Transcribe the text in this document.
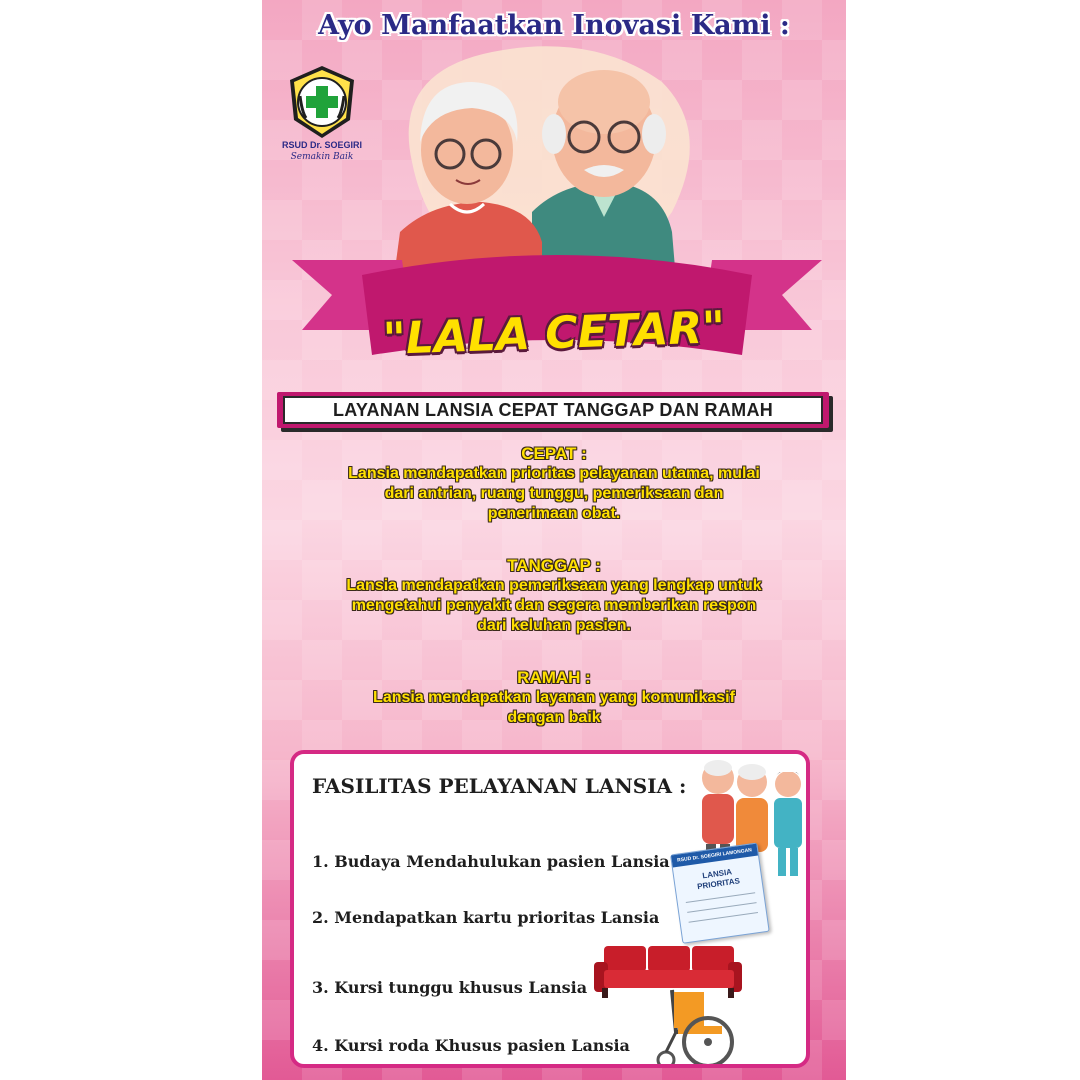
Ayo Manfaatkan Inovasi Kami :
RSUD Dr. SOEGIRI
Semakin Baik
"LALA CETAR"
LAYANAN LANSIA CEPAT TANGGAP DAN RAMAH
CEPAT :
Lansia mendapatkan prioritas pelayanan utama, mulai
dari antrian, ruang tunggu, pemeriksaan dan
penerimaan obat.
TANGGAP :
Lansia mendapatkan pemeriksaan yang lengkap untuk
mengetahui penyakit dan segera memberikan respon
dari keluhan pasien.
RAMAH :
Lansia mendapatkan layanan yang komunikasif
dengan baik
FASILITAS PELAYANAN LANSIA :
1. Budaya Mendahulukan pasien Lansia
2. Mendapatkan kartu prioritas Lansia
3. Kursi tunggu khusus Lansia
4. Kursi roda Khusus pasien Lansia
RSUD Dr. SOEGIRI LAMONGAN
LANSIA PRIORITAS
